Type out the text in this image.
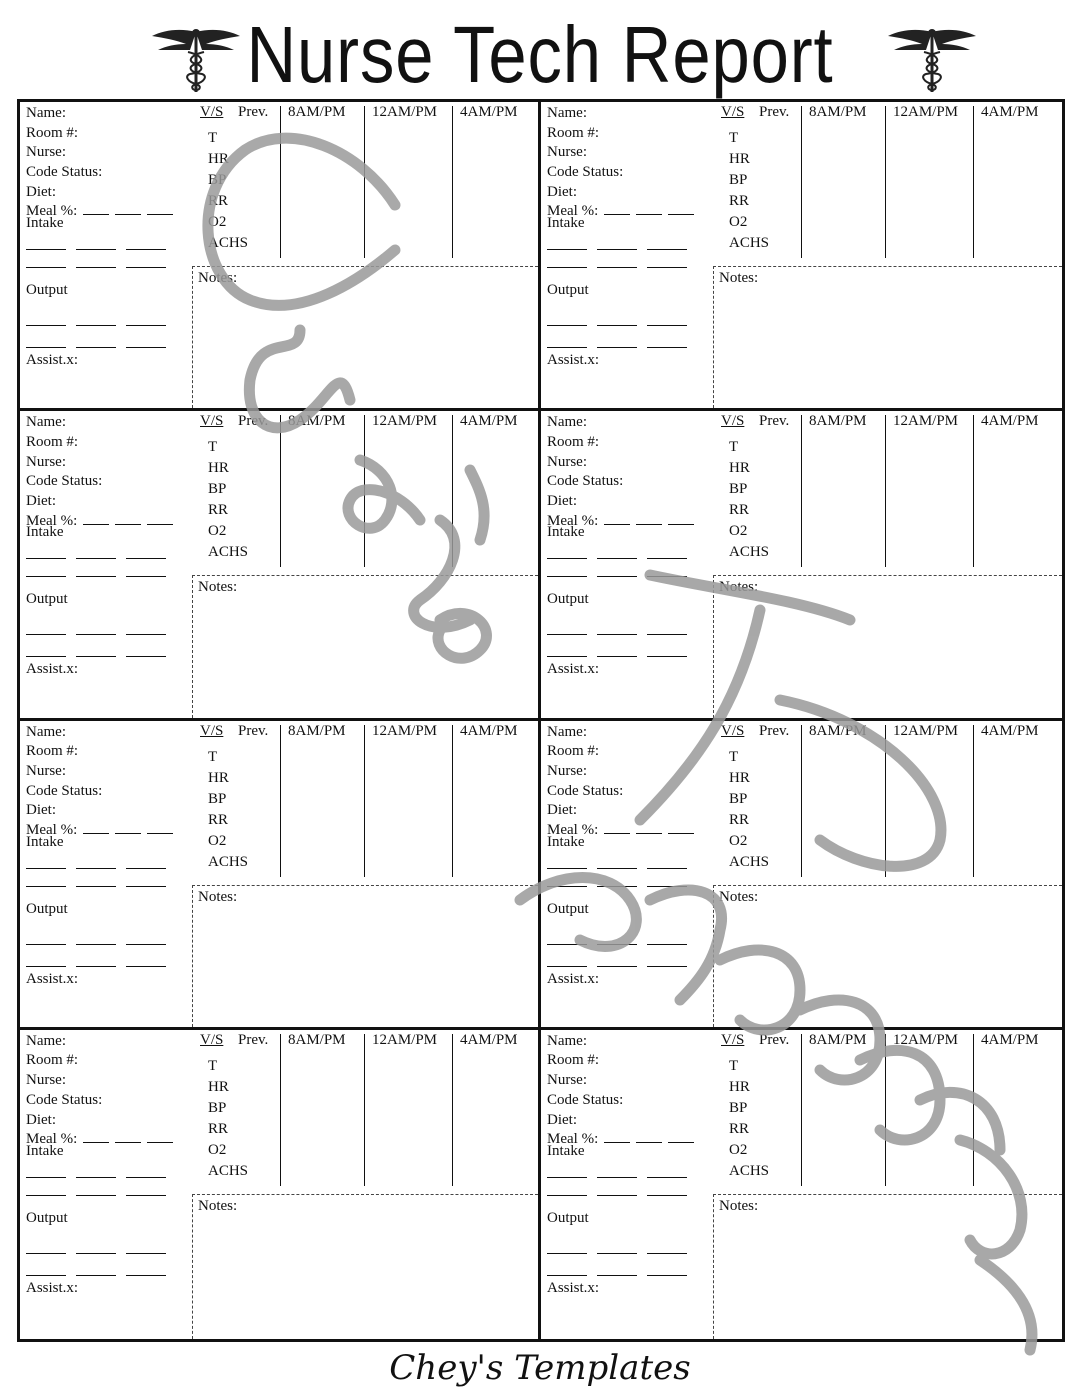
Nurse Tech Report
Name:
Room #:
Nurse:
Code Status:
Diet:
Meal %:
Intake
Output
Assist.x:
V/S Prev. 8AM/PM 12AM/PM 4AM/PM
T
HR
BP
RR
O2
ACHS
Notes:
Name:
Room #:
Nurse:
Code Status:
Diet:
Meal %:
Intake
Output
Assist.x:
V/S Prev. 8AM/PM 12AM/PM 4AM/PM
T
HR
BP
RR
O2
ACHS
Notes:
Name:
Room #:
Nurse:
Code Status:
Diet:
Meal %:
Intake
Output
Assist.x:
V/S Prev. 8AM/PM 12AM/PM 4AM/PM
T
HR
BP
RR
O2
ACHS
Notes:
Name:
Room #:
Nurse:
Code Status:
Diet:
Meal %:
Intake
Output
Assist.x:
V/S Prev. 8AM/PM 12AM/PM 4AM/PM
T
HR
BP
RR
O2
ACHS
Notes:
Name:
Room #:
Nurse:
Code Status:
Diet:
Meal %:
Intake
Output
Assist.x:
V/S Prev. 8AM/PM 12AM/PM 4AM/PM
T
HR
BP
RR
O2
ACHS
Notes:
Name:
Room #:
Nurse:
Code Status:
Diet:
Meal %:
Intake
Output
Assist.x:
V/S Prev. 8AM/PM 12AM/PM 4AM/PM
T
HR
BP
RR
O2
ACHS
Notes:
Name:
Room #:
Nurse:
Code Status:
Diet:
Meal %:
Intake
Output
Assist.x:
V/S Prev. 8AM/PM 12AM/PM 4AM/PM
T
HR
BP
RR
O2
ACHS
Notes:
Name:
Room #:
Nurse:
Code Status:
Diet:
Meal %:
Intake
Output
Assist.x:
V/S Prev. 8AM/PM 12AM/PM 4AM/PM
T
HR
BP
RR
O2
ACHS
Notes:
Chey's
Templates
Chey's Templates
